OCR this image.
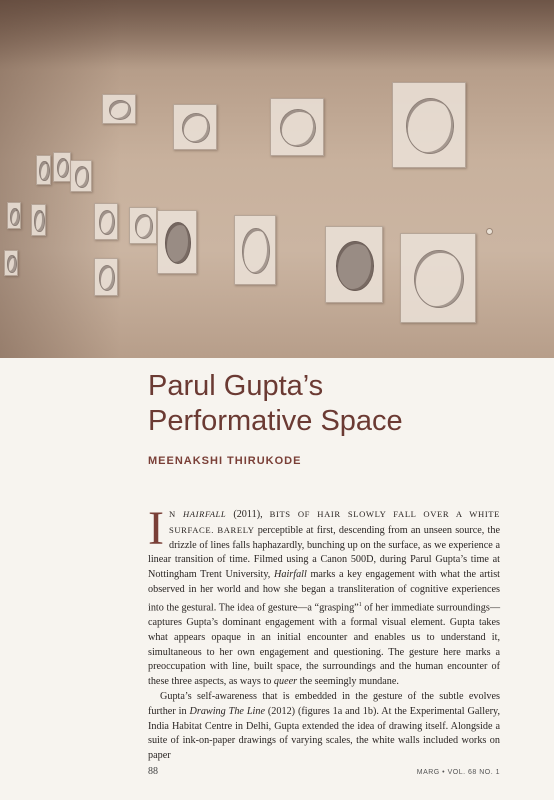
Parul Gupta’s
Performative Space
MEENAKSHI THIRUKODE

IN HAIRFALL (2011), BITS OF HAIR SLOWLY FALL OVER A WHITE SURFACE. BARELY perceptible at first, descending from an unseen source, the drizzle of lines falls haphazardly, bunching up on the surface, as we experience a linear transition of time. Filmed using a Canon 500D, during Parul Gupta’s time at Nottingham Trent University, Hairfall marks a key engagement with what the artist observed in her world and how she began a transliteration of cognitive experiences into the gestural. The idea of gesture—a “grasping”$^1$ of her immediate surroundings—captures Gupta’s dominant engagement with a formal visual element. Gupta takes what appears opaque in an initial encounter and enables us to understand it, simultaneous to her own engagement and questioning. The gesture here marks a preoccupation with line, built space, the surroundings and the human encounter of these three aspects, as ways to queer the seemingly mundane.

Gupta’s self-awareness that is embedded in the gesture of the subtle evolves further in Drawing The Line (2012) (figures 1a and 1b). At the Experimental Gallery, India Habitat Centre in Delhi, Gupta extended the idea of drawing itself. Alongside a suite of ink-on-paper drawings of varying scales, the white walls included works on paper

88	MARG • VOL. 68 NO. 1
